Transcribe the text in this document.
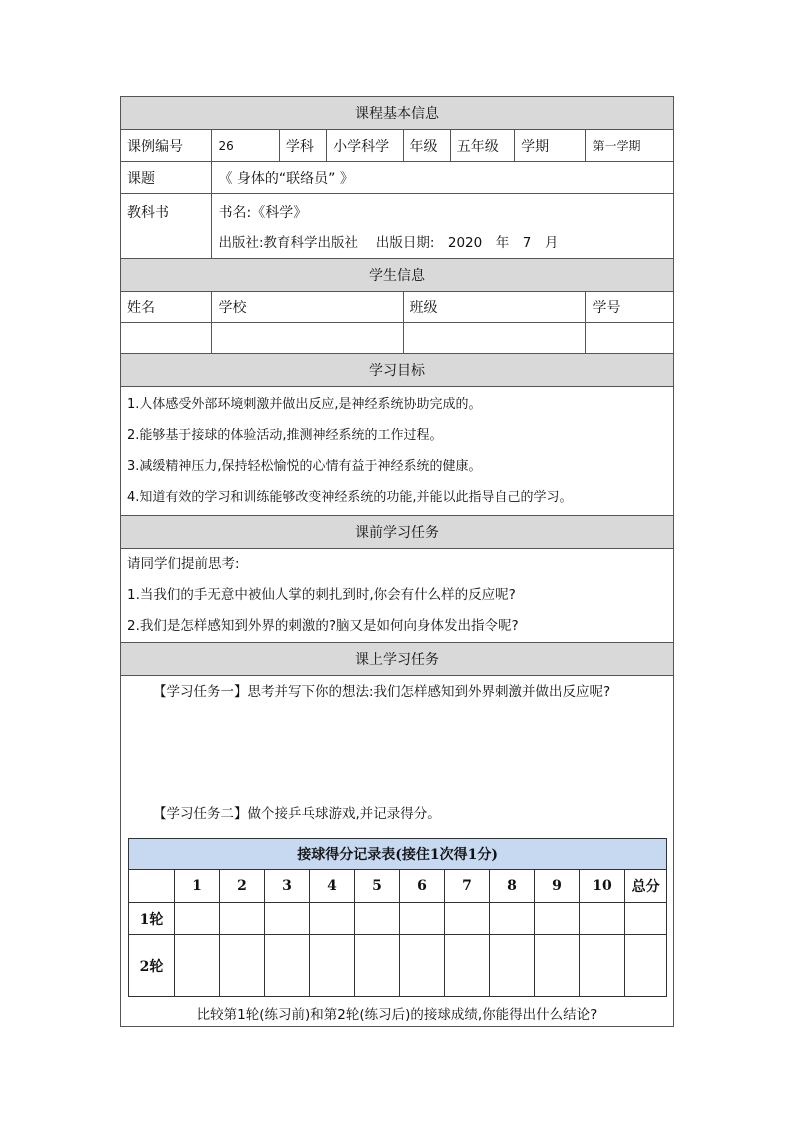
课程基本信息
课例编号	26	学科	小学科学	年级	五年级	学期	第一学期
课题	《 身体的“联络员” 》
教科书	书名:《科学》
出版社:教育科学出版社　 出版日期:　2020　年　7　月

学生信息
姓名	学校	班级	学号

学习目标

1.人体感受外部环境刺激并做出反应,是神经系统协助完成的。
2.能够基于接球的体验活动,推测神经系统的工作过程。
3.减缓精神压力,保持轻松愉悦的心情有益于神经系统的健康。
4.知道有效的学习和训练能够改变神经系统的功能,并能以此指导自己的学习。

课前学习任务

请同学们提前思考:
1.当我们的手无意中被仙人掌的刺扎到时,你会有什么样的反应呢?
2.我们是怎样感知到外界的刺激的?脑又是如何向身体发出指令呢?

课上学习任务

【学习任务一】思考并写下你的想法:我们怎样感知到外界刺激并做出反应呢?
【学习任务二】做个接乒乓球游戏,并记录得分。
接球得分记录表(接住1次得1分)
	1	2	3	4	5	6	7	8	9	10	总分
1轮											
2轮											
比较第1轮(练习前)和第2轮(练习后)的接球成绩,你能得出什么结论?
